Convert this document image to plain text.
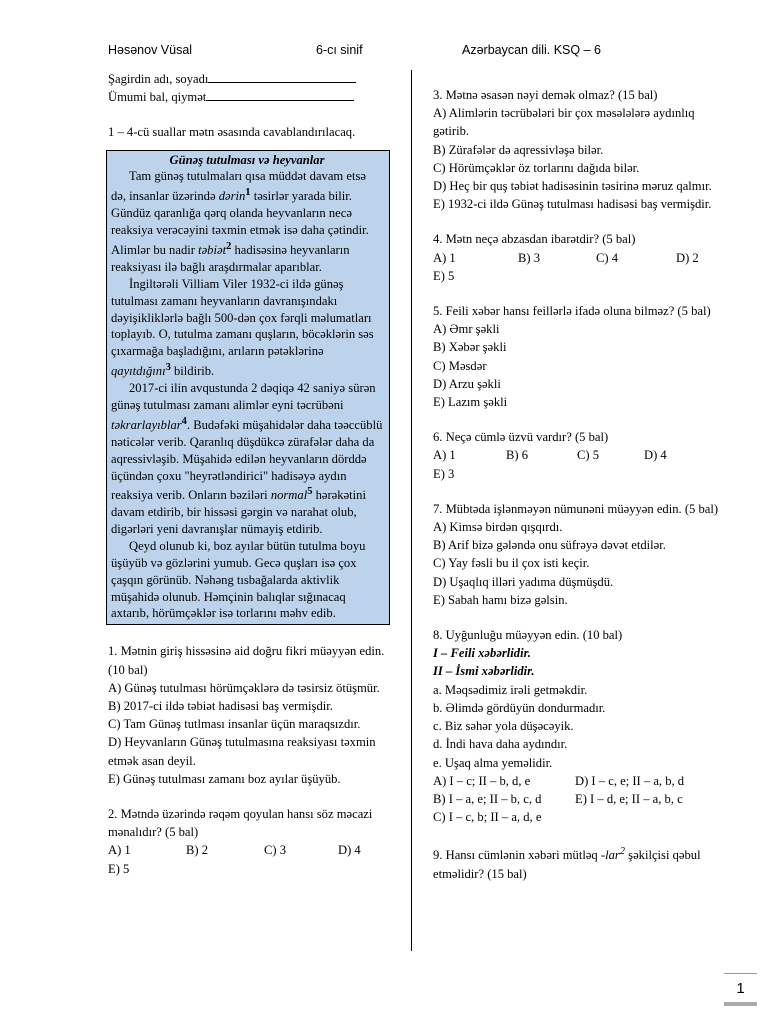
Həsənov Vüsal	6-cı sinif	Azərbaycan dili. KSQ – 6

Şagirdin adı, soyadı

Ümumi bal, qiymət

1 – 4-cü suallar mətn əsasında cavablandırılacaq.

Günəş tutulması və heyvanlar

Tam günəş tutulmaları qısa müddət davam etsə də, insanlar üzərində dərin$^1$ təsirlər yarada bilir. Gündüz qaranlığa qərq olanda heyvanların necə reaksiya verəcəyini təxmin etmək isə daha çətindir. Alimlər bu nadir təbiət$^2$ hadisəsinə heyvanların reaksiyası ilə bağlı araşdırmalar aparıblar.

İngiltərəli Villiam Viler 1932-ci ildə günəş tutulması zamanı heyvanların davranışındakı dəyişikliklərlə bağlı 500-dən çox fərqli məlumatları toplayıb. O, tutulma zamanı quşların, böcəklərin səs çıxarmağa başladığını, arıların pətəklərinə qayıtdığını$^3$ bildirib.

2017-ci ilin avqustunda 2 dəqiqə 42 saniyə sürən günəş tutulması zamanı alimlər eyni təcrübəni təkrarlayıblar$^4$. Budəfəki müşahidələr daha təəccüblü nəticələr verib. Qaranlıq düşdükcə zürafələr daha da aqressivləşib. Müşahidə edilən heyvanların dörddə üçündən çoxu "heyrətləndirici" hadisəyə aydın reaksiya verib. Onların bəziləri normal$^5$ hərəkətini davam etdirib, bir hissəsi gərgin və narahat olub, digərləri yeni davranışlar nümayiş etdirib.

Qeyd olunub ki, boz ayılar bütün tutulma boyu üşüyüb və gözlərini yumub. Gecə quşları isə çox çaşqın görünüb. Nəhəng tısbağalarda aktivlik müşahidə olunub. Həmçinin balıqlar sığınacaq axtarıb, hörümçəklər isə torlarını məhv edib.

1. Mətnin giriş hissəsinə aid doğru fikri müəyyən edin. (10 bal)

A) Günəş tutulması hörümçəklərə də təsirsiz ötüşmür.

B) 2017-ci ildə təbiət hadisəsi baş vermişdir.

C) Tam Günəş tutlması insanlar üçün maraqsızdır.

D) Heyvanların Günəş tutulmasına reaksiyası təxmin etmək asan deyil.

E) Günəş tutulması zamanı boz ayılar üşüyüb.

2. Mətndə üzərində rəqəm qoyulan hansı söz məcazi mənalıdır? (5 bal)

A) 1	B) 2	C) 3	D) 4

E) 5

3. Mətnə əsasən nəyi demək olmaz? (15 bal)

A) Alimlərin təcrübələri bir çox məsələlərə aydınlıq gətirib.

B) Zürafələr də aqressivləşə bilər.

C) Hörümçəklər öz torlarını dağıda bilər.

D) Heç bir quş təbiət hadisəsinin təsirinə məruz qalmır.

E) 1932-ci ildə Günəş tutulması hadisəsi baş vermişdir.

4. Mətn neçə abzasdan ibarətdir? (5 bal)

A) 1	B) 3	C) 4	D) 2

E) 5

5. Feili xəbər hansı feillərlə ifadə oluna bilməz? (5 bal)

A) Əmr şəkli

B) Xəbər şəkli

C) Məsdər

D) Arzu şəkli

E) Lazım şəkli

6. Neçə cümlə üzvü vardır? (5 bal)

A) 1	B) 6	C) 5	D) 4

E) 3

7. Mübtəda işlənməyən nümunəni müəyyən edin. (5 bal)

A) Kimsə birdən qışqırdı.

B) Arif bizə gələndə onu süfrəyə dəvət etdilər.

C) Yay fəsli bu il çox isti keçir.

D) Uşaqlıq illəri yadıma düşmüşdü.

E) Sabah hamı bizə gəlsin.

8. Uyğunluğu müəyyən edin. (10 bal)

I – Feili xəbərlidir.

II – İsmi xəbərlidir.

a. Məqsədimiz irəli getməkdir.

b. Əlimdə gördüyün dondurmadır.

c. Biz səhər yola düşəcəyik.

d. İndi hava daha aydındır.

e. Uşaq alma yemәlidir.

A) I – c; II – b, d, e	D) I – c, e; II – a, b, d
B) I – a, e; II – b, c, d	E) I – d, e; II – a, b, c

C) I – c, b; II – a, d, e

9. Hansı cümlənin xəbəri mütləq -lar$^2$ şəkilçisi qəbul etməlidir? (15 bal)

1
